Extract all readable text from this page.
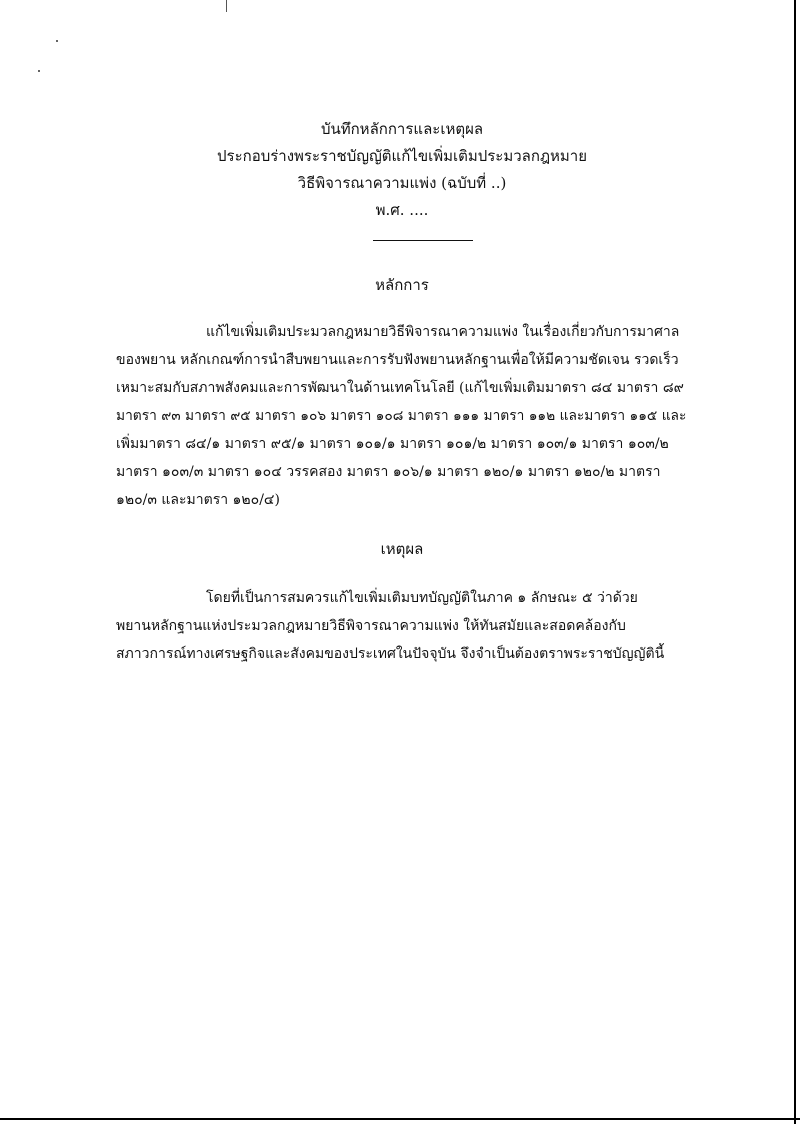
บันทึกหลักการและเหตุผล
ประกอบร่างพระราชบัญญัติแก้ไขเพิ่มเติมประมวลกฎหมาย
วิธีพิจารณาความแพ่ง (ฉบับที่ ..)
พ.ศ. ....
หลักการ
แก้ไขเพิ่มเติมประมวลกฎหมายวิธีพิจารณาความแพ่ง ในเรื่องเกี่ยวกับการมาศาล
ของพยาน หลักเกณฑ์การนำสืบพยานและการรับฟังพยานหลักฐานเพื่อให้มีความชัดเจน รวดเร็ว
เหมาะสมกับสภาพสังคมและการพัฒนาในด้านเทคโนโลยี (แก้ไขเพิ่มเติมมาตรา ๘๔ มาตรา ๘๙
มาตรา ๙๓ มาตรา ๙๕ มาตรา ๑๐๖ มาตรา ๑๐๘ มาตรา ๑๑๑ มาตรา ๑๑๒ และมาตรา ๑๑๕ และ
เพิ่มมาตรา ๘๔/๑ มาตรา ๙๕/๑ มาตรา ๑๐๑/๑ มาตรา ๑๐๑/๒ มาตรา ๑๐๓/๑ มาตรา ๑๐๓/๒
มาตรา ๑๐๓/๓ มาตรา ๑๐๔ วรรคสอง มาตรา ๑๐๖/๑ มาตรา ๑๒๐/๑ มาตรา ๑๒๐/๒ มาตรา
๑๒๐/๓ และมาตรา ๑๒๐/๔)
เหตุผล
โดยที่เป็นการสมควรแก้ไขเพิ่มเติมบทบัญญัติในภาค ๑ ลักษณะ ๕ ว่าด้วย
พยานหลักฐานแห่งประมวลกฎหมายวิธีพิจารณาความแพ่ง ให้ทันสมัยและสอดคล้องกับ
สภาวการณ์ทางเศรษฐกิจและสังคมของประเทศในปัจจุบัน จึงจำเป็นต้องตราพระราชบัญญัตินี้
